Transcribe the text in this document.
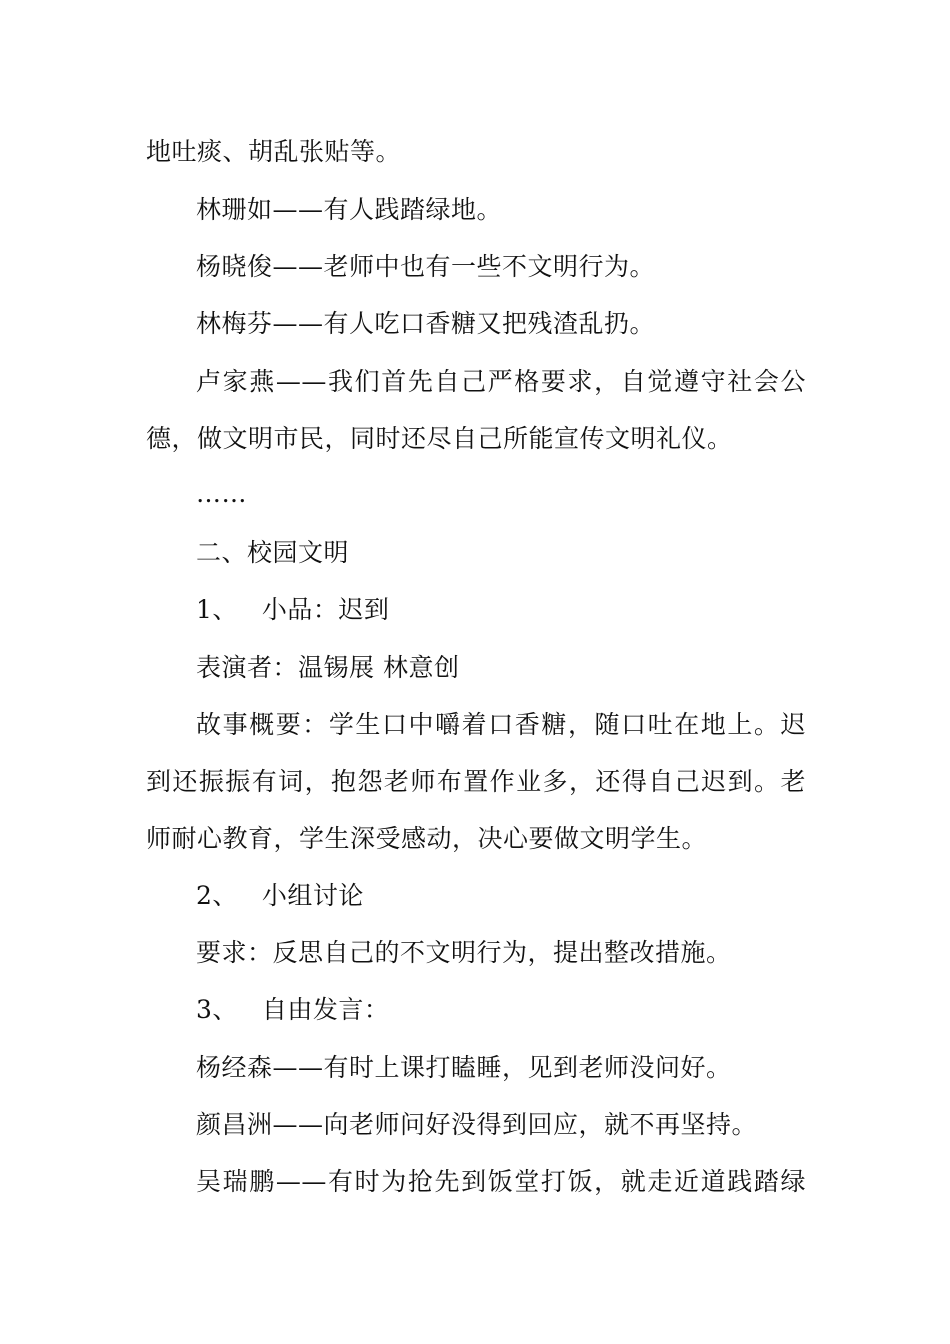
地吐痰、胡乱张贴等。
林珊如——有人践踏绿地。
杨晓俊——老师中也有一些不文明行为。
林梅芬——有人吃口香糖又把残渣乱扔。
卢家燕——我们首先自己严格要求，自觉遵守社会公
德，做文明市民，同时还尽自己所能宣传文明礼仪。
……
二、校园文明
1、 小品：迟到
表演者：温锡展 林意创
故事概要：学生口中嚼着口香糖，随口吐在地上。迟
到还振振有词，抱怨老师布置作业多，还得自己迟到。老
师耐心教育，学生深受感动，决心要做文明学生。
2、 小组讨论
要求：反思自己的不文明行为，提出整改措施。
3、 自由发言：
杨经森——有时上课打瞌睡，见到老师没问好。
颜昌洲——向老师问好没得到回应，就不再坚持。
吴瑞鹏——有时为抢先到饭堂打饭，就走近道践踏绿
